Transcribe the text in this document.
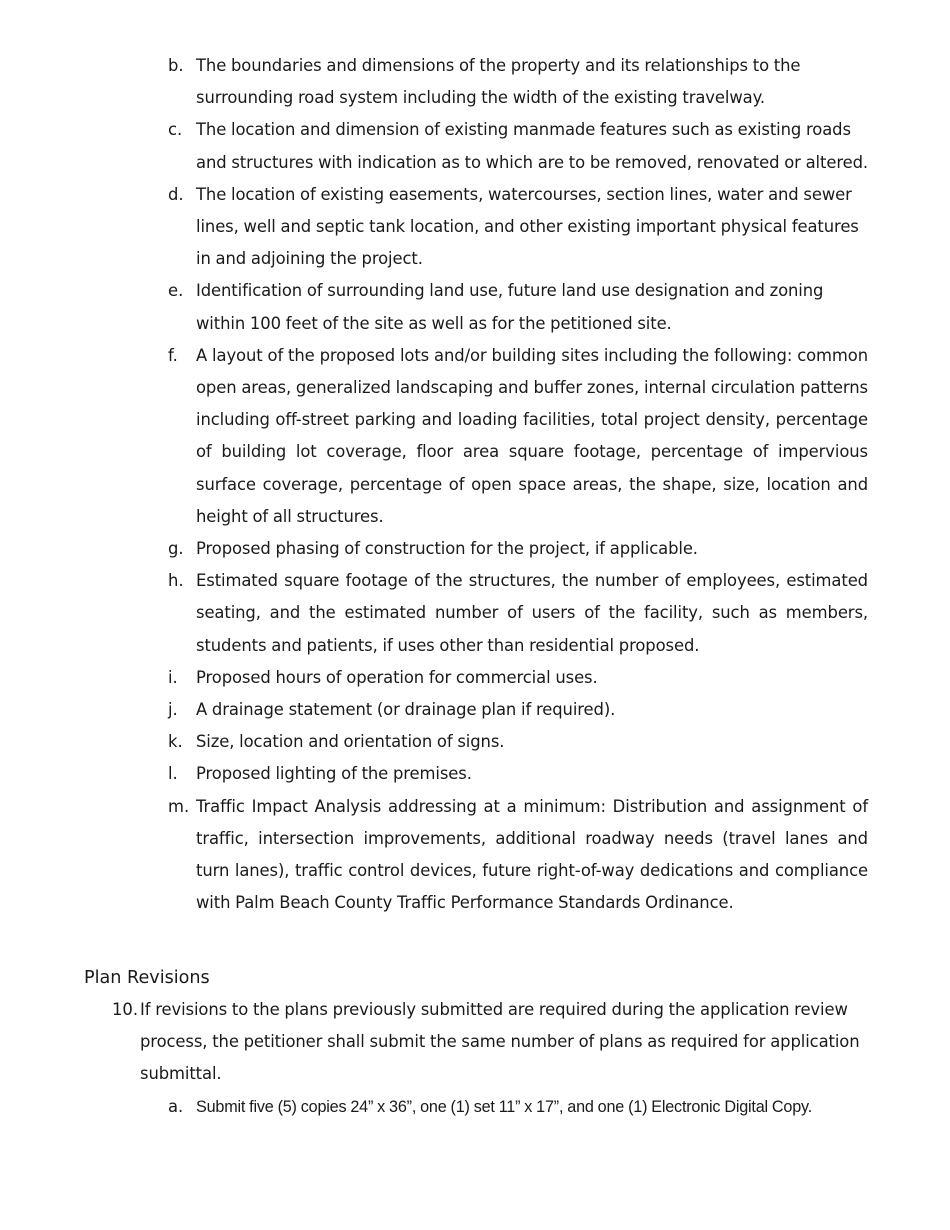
b. The boundaries and dimensions of the property and its relationships to the surrounding road system including the width of the existing travelway.
c. The location and dimension of existing manmade features such as existing roads and structures with indication as to which are to be removed, renovated or altered.
d. The location of existing easements, watercourses, section lines, water and sewer lines, well and septic tank location, and other existing important physical features in and adjoining the project.
e. Identification of surrounding land use, future land use designation and zoning within 100 feet of the site as well as for the petitioned site.
f. A layout of the proposed lots and/or building sites including the following: common open areas, generalized landscaping and buffer zones, internal circulation patterns including off-street parking and loading facilities, total project density, percentage of building lot coverage, floor area square footage, percentage of impervious surface coverage, percentage of open space areas, the shape, size, location and height of all structures.
g. Proposed phasing of construction for the project, if applicable.
h. Estimated square footage of the structures, the number of employees, estimated seating, and the estimated number of users of the facility, such as members, students and patients, if uses other than residential proposed.
i. Proposed hours of operation for commercial uses.
j. A drainage statement (or drainage plan if required).
k. Size, location and orientation of signs.
l. Proposed lighting of the premises.
m. Traffic Impact Analysis addressing at a minimum: Distribution and assignment of traffic, intersection improvements, additional roadway needs (travel lanes and turn lanes), traffic control devices, future right-of-way dedications and compliance with Palm Beach County Traffic Performance Standards Ordinance.
Plan Revisions
10. If revisions to the plans previously submitted are required during the application review process, the petitioner shall submit the same number of plans as required for application submittal.
a. Submit five (5) copies 24” x 36”, one (1) set 11” x 17”, and one (1) Electronic Digital Copy.
